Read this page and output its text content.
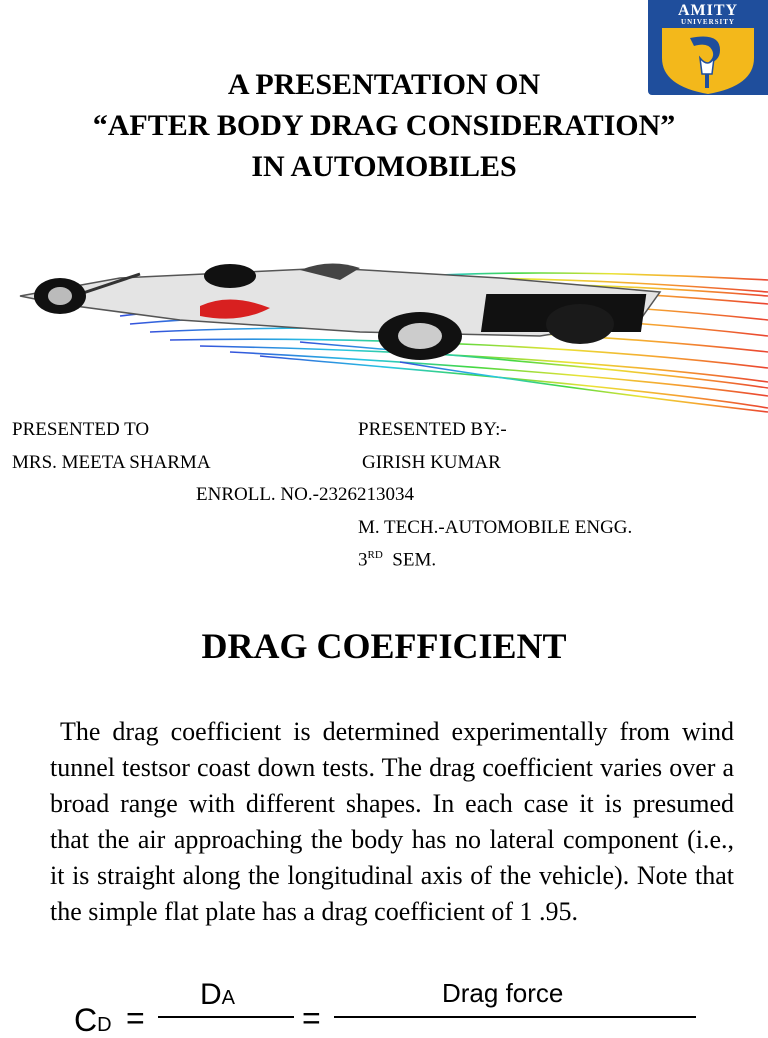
AMITY
UNIVERSITY
A PRESENTATION ON
“AFTER BODY DRAG CONSIDERATION”
IN AUTOMOBILES
PRESENTED TO	PRESENTED BY:-
MRS. MEETA SHARMA	GIRISH KUMAR
ENROLL. NO.-2326213034
M. TECH.-AUTOMOBILE ENGG.
3RD SEM.
DRAG COEFFICIENT

The drag coefficient is determined experimentally from wind tunnel testsor coast down tests. The drag coefficient varies over a broad range with different shapes. In each case it is presumed that the air approaching the body has no lateral component (i.e., it is straight along the longitudinal axis of the vehicle). Note that the simple flat plate has a drag coefficient of 1 .95.

CD =
DA
=
Drag force
